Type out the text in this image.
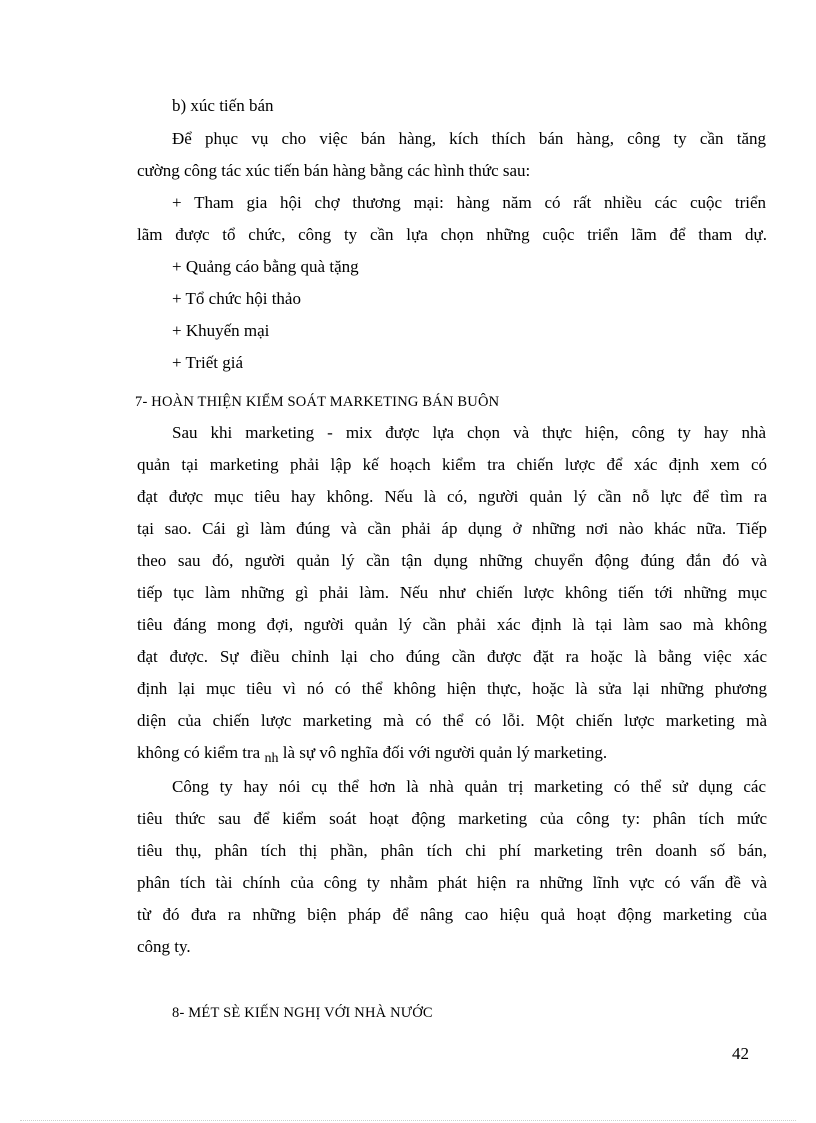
b) xúc tiến bán
Để phục vụ cho việc bán hàng, kích thích bán hàng, công ty cần tăng
cường công tác xúc tiến bán hàng bằng các hình thức sau:
+ Tham gia hội chợ thương mại: hàng năm có rất nhiều các cuộc triển
lãm được tổ chức, công ty cần lựa chọn những cuộc triển lãm để tham dự.
+ Quảng cáo bằng quà tặng
+ Tổ chức hội thảo
+ Khuyến mại
+ Triết giá
7- HOÀN THIỆN KIỂM SOÁT MARKETING BÁN BUÔN
Sau khi marketing - mix được lựa chọn và thực hiện, công ty hay nhà
quản tại marketing phải lập kế hoạch kiểm tra chiến lược để xác định xem có
đạt được mục tiêu hay không. Nếu là có, người quản lý cần nỗ lực để tìm ra
tại sao. Cái gì làm đúng và cần phải áp dụng ở những nơi nào khác nữa. Tiếp
theo sau đó, người quản lý cần tận dụng những chuyển động đúng đắn đó và
tiếp tục làm những gì phải làm. Nếu như chiến lược không tiến tới những mục
tiêu đáng mong đợi, người quản lý cần phải xác định là tại làm sao mà không
đạt được. Sự điều chỉnh lại cho đúng cần được đặt ra hoặc là bằng việc xác
định lại mục tiêu vì nó có thể không hiện thực, hoặc là sửa lại những phương
diện của chiến lược marketing mà có thể có lỗi. Một chiến lược marketing mà
không có kiểm tra $_{nh}$ là sự vô nghĩa đối với người quản lý marketing.
Công ty hay nói cụ thể hơn là nhà quản trị marketing có thể sử dụng các
tiêu thức sau để kiểm soát hoạt động marketing của công ty: phân tích mức
tiêu thụ, phân tích thị phần, phân tích chi phí marketing trên doanh số bán,
phân tích tài chính của công ty nhằm phát hiện ra những lĩnh vực có vấn đề và
từ đó đưa ra những biện pháp để nâng cao hiệu quả hoạt động marketing của
công ty.
8- MÉT SÈ KIẾN NGHỊ VỚI NHÀ NƯỚC
42
